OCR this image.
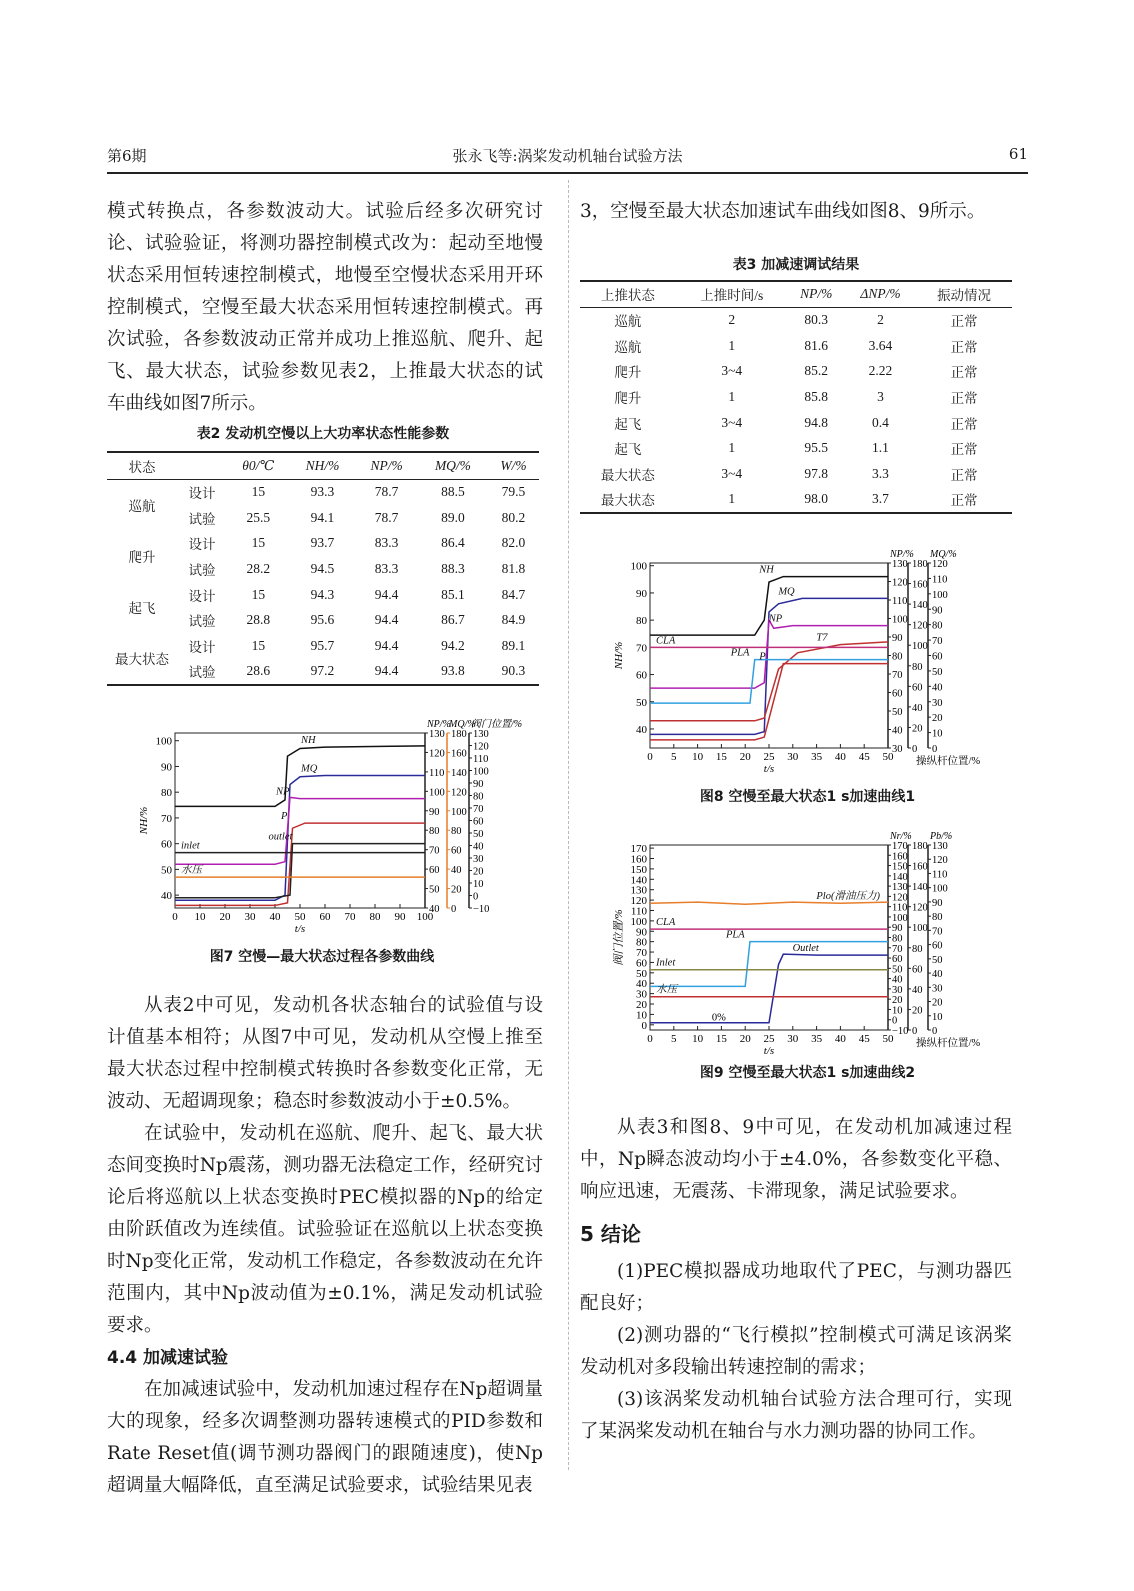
第6期	张永飞等:涡桨发动机轴台试验方法	61

模式转换点，各参数波动大。试验后经多次研究讨论、试验验证，将测功器控制模式改为：起动至地慢状态采用恒转速控制模式，地慢至空慢状态采用开环控制模式，空慢至最大状态采用恒转速控制模式。再次试验，各参数波动正常并成功上推巡航、爬升、起飞、最大状态，试验参数见表2，上推最大状态的试车曲线如图7所示。

表2 发动机空慢以上大功率状态性能参数
状态		θ0/℃	NH/%	NP/%	MQ/%	W/%
巡航	设计	15	93.3	78.7	88.5	79.5
	试验	25.5	94.1	78.7	89.0	80.2
爬升	设计	15	93.7	83.3	86.4	82.0
	试验	28.2	94.5	83.3	88.3	81.8
起飞	设计	15	94.3	94.4	85.1	84.7
	试验	28.8	95.6	94.4	86.7	84.9
最大状态	设计	15	95.7	94.4	94.2	89.1
	试验	28.6	97.2	94.4	93.8	90.3
0 10 20 30 40 50 60 70 80 90 100
t/s
40
50
60
70
80
90
100
NH/%
40
50
60
70
80
90
100
110
120
130
NP/%
0
20
40
60
80
100
120
140
160
180
MQ/%
−10
0
10
20
30
40
50
60
70
80
90
100
110
120
130
阀门位置/%
NH
MQ
NP
P
outlet
inlet
水压
图7 空慢—最大状态过程各参数曲线

从表2中可见，发动机各状态轴台的试验值与设计值基本相符；从图7中可见，发动机从空慢上推至最大状态过程中控制模式转换时各参数变化正常，无波动、无超调现象；稳态时参数波动小于±0.5%。

在试验中，发动机在巡航、爬升、起飞、最大状态间变换时Np震荡，测功器无法稳定工作，经研究讨论后将巡航以上状态变换时PEC模拟器的Np的给定由阶跃值改为连续值。试验验证在巡航以上状态变换时Np变化正常，发动机工作稳定，各参数波动在允许范围内，其中Np波动值为±0.1%，满足发动机试验要求。

4.4 加减速试验

在加减速试验中，发动机加速过程存在Np超调量大的现象，经多次调整测功器转速模式的PID参数和Rate Reset值(调节测功器阀门的跟随速度)，使Np超调量大幅降低，直至满足试验要求，试验结果见表

3，空慢至最大状态加速试车曲线如图8、9所示。

表3 加减速调试结果
上推状态	上推时间/s	NP/%	ΔNP/%	振动情况
巡航	2	80.3	2	正常
巡航	1	81.6	3.64	正常
爬升	3~4	85.2	2.22	正常
爬升	1	85.8	3	正常
起飞	3~4	94.8	0.4	正常
起飞	1	95.5	1.1	正常
最大状态	3~4	97.8	3.3	正常
最大状态	1	98.0	3.7	正常
0 5 10 15 20 25 30 35 40 45 50
t/s
40
50
60
70
80
90
100
NH/%
30
40
50
60
70
80
90
100
110
120
130
NP/%
0
20
40
60
80
100
120
140
160
180
0
10
20
30
40
50
60
70
80
90
100
110
120
MQ/%
操纵杆位置/%
NH
MQ
NP
T7
CLA
PLA P
图8 空慢至最大状态1 s加速曲线1
0 5 10 15 20 25 30 35 40 45 50
t/s
0
10
20
30
40
50
60
70
80
90
100
110
120
130
140
150
160
170
阀门位置/%
−10
0
10
20
30
40
50
60
70
80
90
100
110
120
130
140
150
160
170
Nr/%
0
20
40
60
80
100
120
140
160
180
0
10
20
30
40
50
60
70
80
90
100
110
120
130
Pb/%
操纵杆位置/%
Plo(滑油压力)
CLA
PLA
Outlet
Inlet
水压
0%
图9 空慢至最大状态1 s加速曲线2

从表3和图8、9中可见，在发动机加减速过程中，Np瞬态波动均小于±4.0%，各参数变化平稳、响应迅速，无震荡、卡滞现象，满足试验要求。

5 结论

(1)PEC模拟器成功地取代了PEC，与测功器匹配良好；

(2)测功器的“飞行模拟”控制模式可满足该涡桨发动机对多段输出转速控制的需求；

(3)该涡桨发动机轴台试验方法合理可行，实现了某涡桨发动机在轴台与水力测功器的协同工作。
